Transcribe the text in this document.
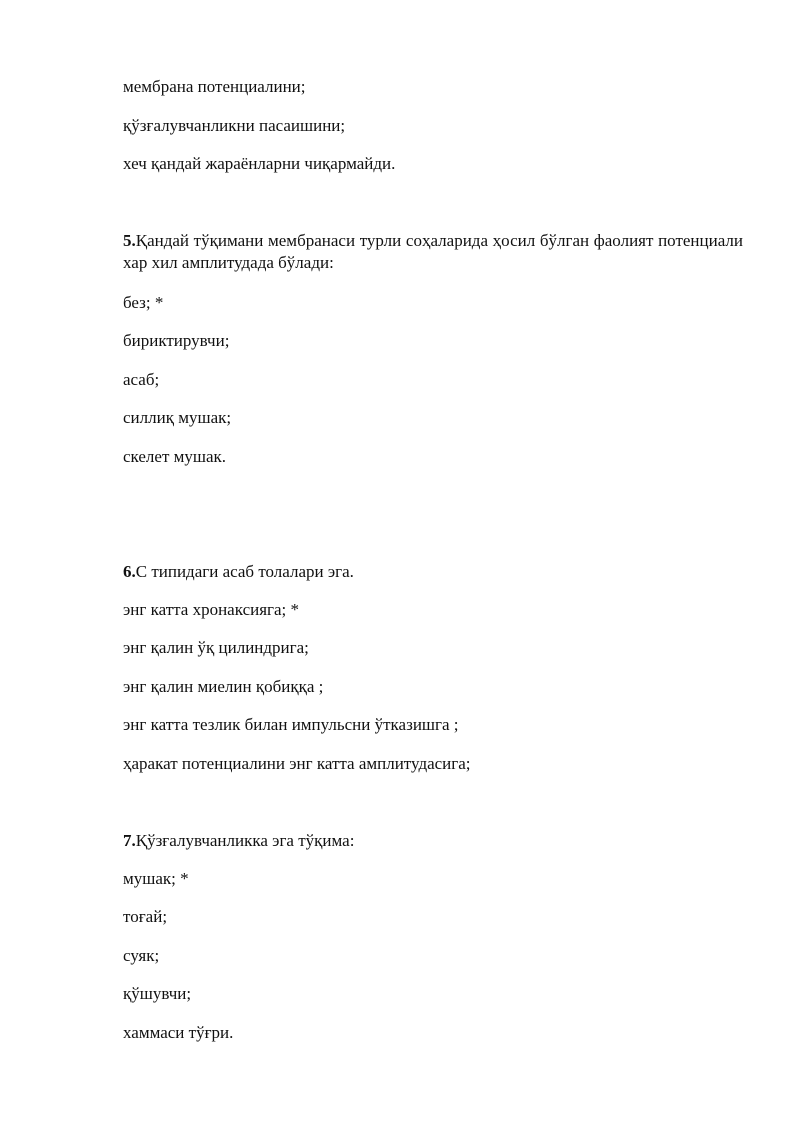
мембрана потенциалини;
қўзғалувчанликни пасаишини;
хеч қандай жараёнларни чиқармайди.
5.Қандай тўқимани мембранаси турли соҳаларида ҳосил бўлган фаолият потенциали хар хил амплитудада бўлади:
без; *
бириктирувчи;
асаб;
силлиқ мушак;
скелет мушак.
6.С типидаги асаб толалари эга.
энг катта хронаксияга; *
энг қалин ўқ цилиндрига;
энг қалин миелин қобиққа ;
энг катта тезлик билан импульсни ўтказишга ;
ҳаракат потенциалини энг катта амплитудасига;
7.Қўзғалувчанликка эга тўқима:
мушак; *
тоғай;
суяк;
қўшувчи;
хаммаси тўғри.
